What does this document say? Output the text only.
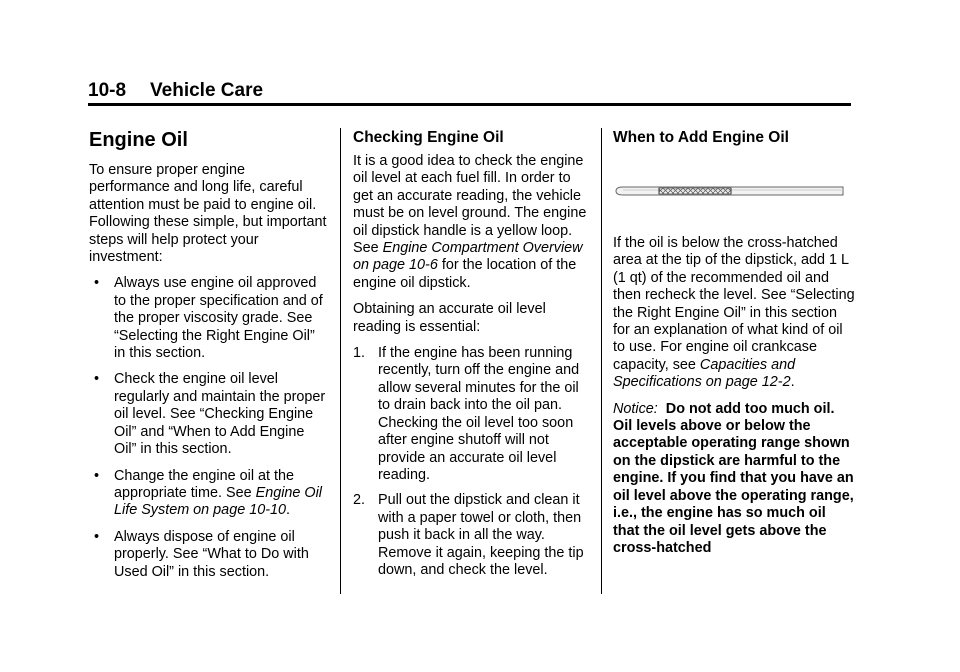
10-8 Vehicle Care
Engine Oil

To ensure proper engine performance and long life, careful attention must be paid to engine oil. Following these simple, but important steps will help protect your investment:

• Always use engine oil approved to the proper specification and of the proper viscosity grade. See “Selecting the Right Engine Oil” in this section.
• Check the engine oil level regularly and maintain the proper oil level. See “Checking Engine Oil” and “When to Add Engine Oil” in this section.
• Change the engine oil at the appropriate time. See Engine Oil Life System on page 10-10.
• Always dispose of engine oil properly. See “What to Do with Used Oil” in this section.
Checking Engine Oil

It is a good idea to check the engine oil level at each fuel fill. In order to get an accurate reading, the vehicle must be on level ground. The engine oil dipstick handle is a yellow loop. See Engine Compartment Overview on page 10-6 for the location of the engine oil dipstick.

Obtaining an accurate oil level reading is essential:

1. If the engine has been running recently, turn off the engine and allow several minutes for the oil to drain back into the oil pan. Checking the oil level too soon after engine shutoff will not provide an accurate oil level reading.
2. Pull out the dipstick and clean it with a paper towel or cloth, then push it back in all the way. Remove it again, keeping the tip down, and check the level.
When to Add Engine Oil

If the oil is below the cross-hatched area at the tip of the dipstick, add 1 L (1 qt) of the recommended oil and then recheck the level. See “Selecting the Right Engine Oil” in this section for an explanation of what kind of oil to use. For engine oil crankcase capacity, see Capacities and Specifications on page 12-2.

Notice: Do not add too much oil. Oil levels above or below the acceptable operating range shown on the dipstick are harmful to the engine. If you find that you have an oil level above the operating range, i.e., the engine has so much oil that the oil level gets above the cross-hatched
